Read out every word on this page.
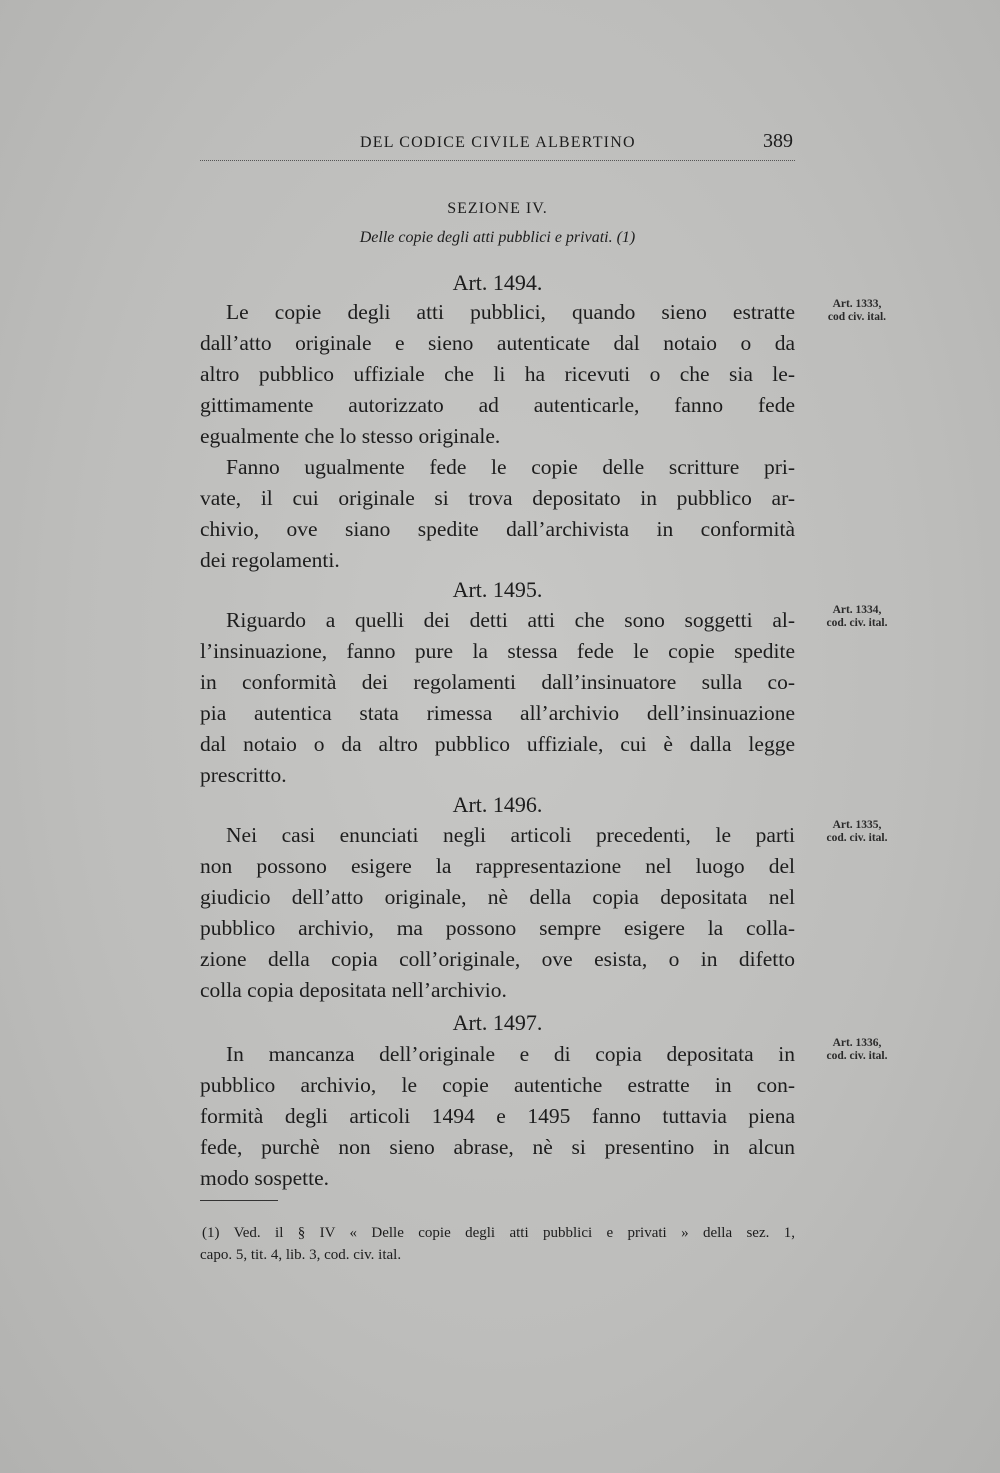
DEL CODICE CIVILE ALBERTINO	389
SEZIONE IV.
Delle copie degli atti pubblici e privati. (1)
Art. 1494.
Art. 1333,
cod civ. ital.
Le copie degli atti pubblici, quando sieno estratte
dall’atto originale e sieno autenticate dal notaio o da
altro pubblico uffiziale che li ha ricevuti o che sia le-
gittimamente autorizzato ad autenticarle, fanno fede
egualmente che lo stesso originale.
Fanno ugualmente fede le copie delle scritture pri-
vate, il cui originale si trova depositato in pubblico ar-
chivio, ove siano spedite dall’archivista in conformità
dei regolamenti.
Art. 1495.
Art. 1334,
cod. civ. ital.
Riguardo a quelli dei detti atti che sono soggetti al-
l’insinuazione, fanno pure la stessa fede le copie spedite
in conformità dei regolamenti dall’insinuatore sulla co-
pia autentica stata rimessa all’archivio dell’insinuazione
dal notaio o da altro pubblico uffiziale, cui è dalla legge
prescritto.
Art. 1496.
Art. 1335,
cod. civ. ital.
Nei casi enunciati negli articoli precedenti, le parti
non possono esigere la rappresentazione nel luogo del
giudicio dell’atto originale, nè della copia depositata nel
pubblico archivio, ma possono sempre esigere la colla-
zione della copia coll’originale, ove esista, o in difetto
colla copia depositata nell’archivio.
Art. 1497.
Art. 1336,
cod. civ. ital.
In mancanza dell’originale e di copia depositata in
pubblico archivio, le copie autentiche estratte in con-
formità degli articoli 1494 e 1495 fanno tuttavia piena
fede, purchè non sieno abrase, nè si presentino in alcun
modo sospette.
(1) Ved. il § IV « Delle copie degli atti pubblici e privati » della sez. 1,
capo. 5, tit. 4, lib. 3, cod. civ. ital.
